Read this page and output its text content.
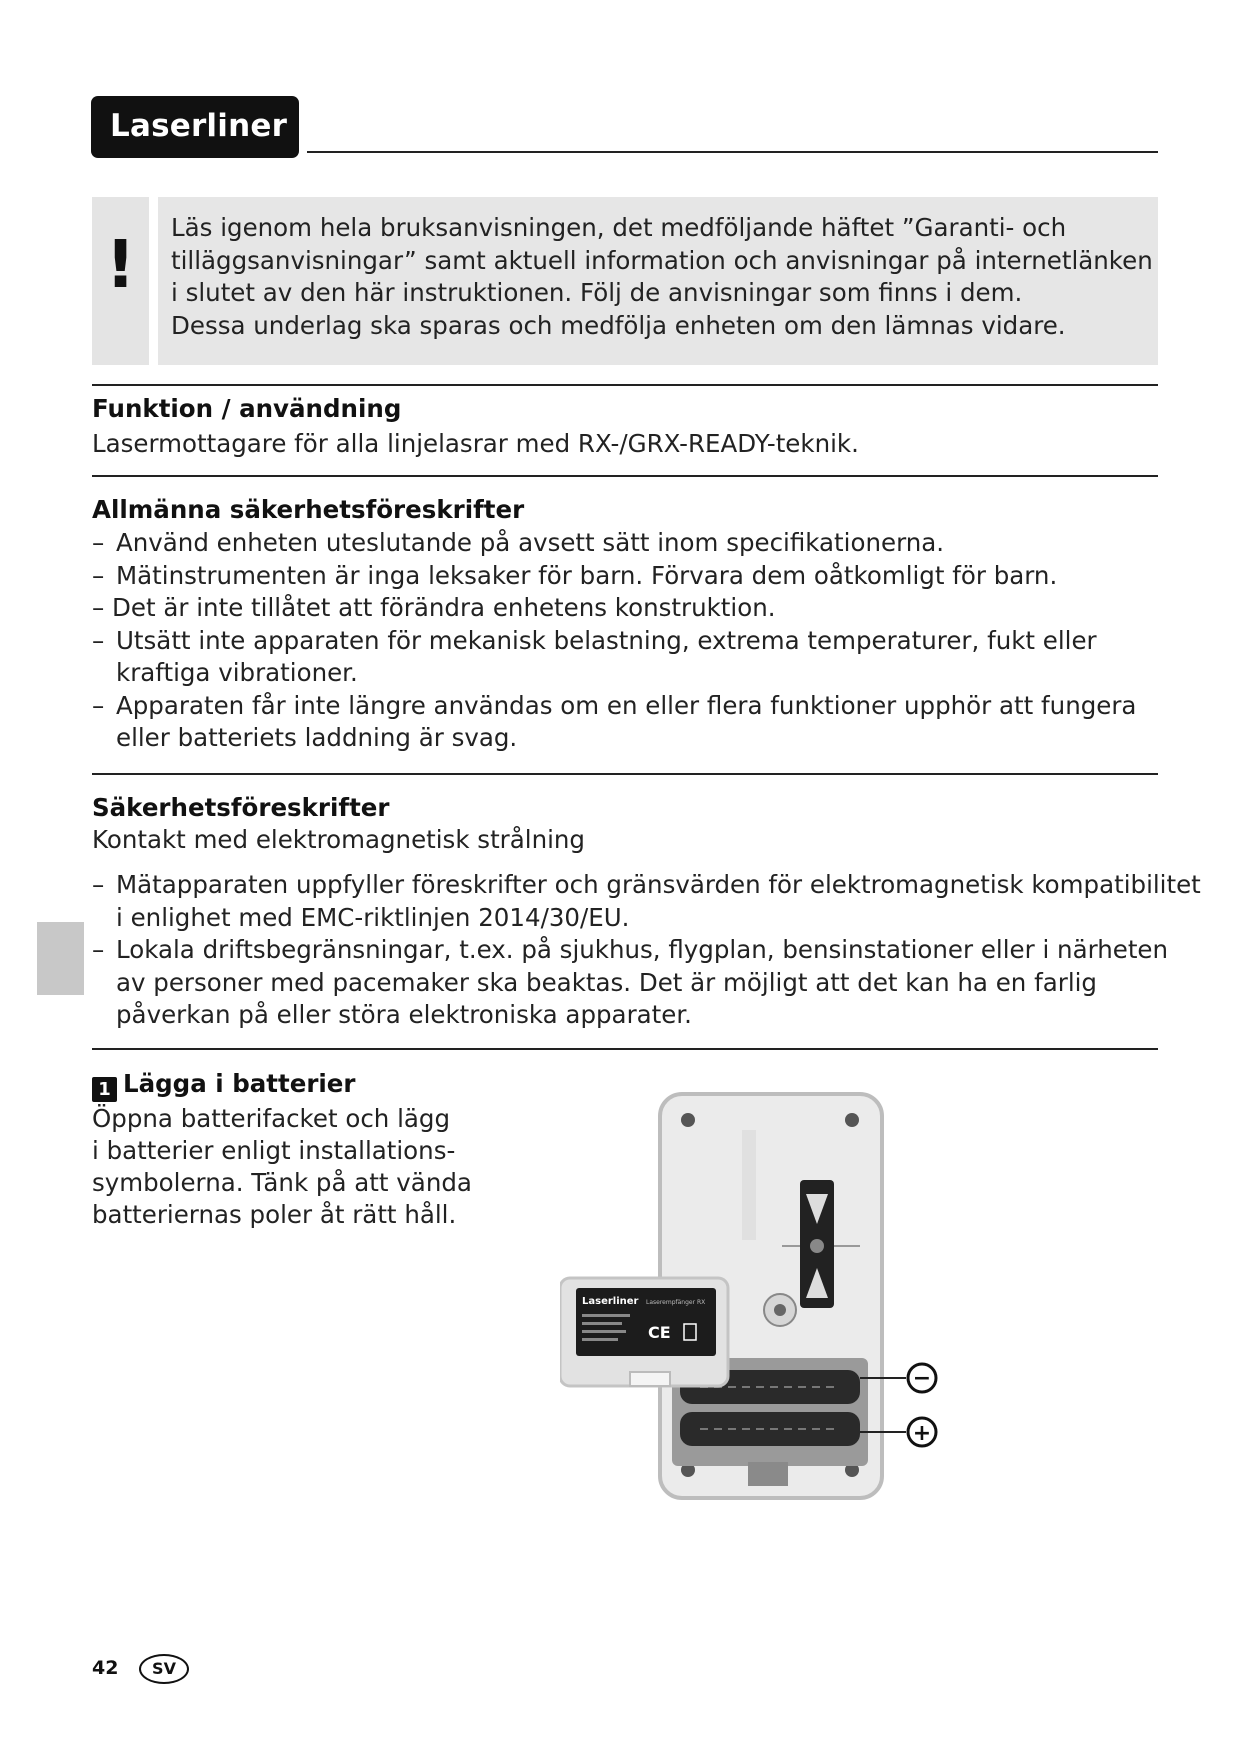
Laserliner
!	Läs igenom hela bruksanvisningen, det medföljande häftet ”Garanti- och
tilläggsanvisningar” samt aktuell information och anvisningar på internetlänken
i slutet av den här instruktionen. Följ de anvisningar som finns i dem.
Dessa underlag ska sparas och medfölja enheten om den lämnas vidare.
Funktion / användning
Lasermottagare för alla linjelasrar med RX-/GRX-READY-teknik.
Allmänna säkerhetsföreskrifter
– Använd enheten uteslutande på avsett sätt inom specifikationerna.
– Mätinstrumenten är inga leksaker för barn. Förvara dem oåtkomligt för barn.
– Det är inte tillåtet att förändra enhetens konstruktion.
– Utsätt inte apparaten för mekanisk belastning, extrema temperaturer, fukt eller
kraftiga vibrationer.
– Apparaten får inte längre användas om en eller flera funktioner upphör att fungera
eller batteriets laddning är svag.
Säkerhetsföreskrifter
Kontakt med elektromagnetisk strålning
– Mätapparaten uppfyller föreskrifter och gränsvärden för elektromagnetisk kompatibilitet
i enlighet med EMC-riktlinjen 2014/30/EU.
– Lokala driftsbegränsningar, t.ex. på sjukhus, flygplan, bensinstationer eller i närheten
av personer med pacemaker ska beaktas. Det är möjligt att det kan ha en farlig
påverkan på eller störa elektroniska apparater.
1 Lägga i batterier
Öppna batterifacket och lägg
i batterier enligt installations-
symbolerna. Tänk på att vända
batteriernas poler åt rätt håll.
Laserliner Laserempfänger RX
CE
−
+
42	SV
